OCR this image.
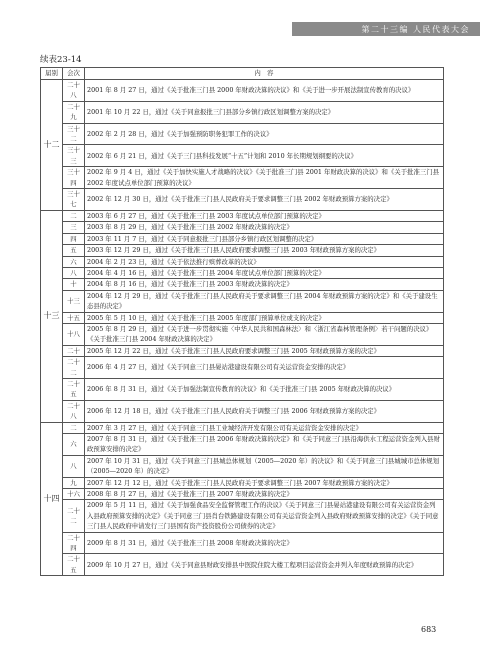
第二十三编 人民代表大会
续表23-14
届别	会次	内　容
十二	二十八	2001 年 8 月 27 日，通过《关于批准三门县 2000 年财政决算的决议》和《关于进一步开展法制宣传教育的决议》
	二十九	2001 年 10 月 22 日，通过《关于同意报批三门县部分乡镇行政区划调整方案的决定》
	三十二	2002 年 2 月 28 日，通过《关于加强预防职务犯罪工作的决议》
	三十三	2002 年 6 月 21 日，通过《关于三门县科技发展“十五”计划和 2010 年长期规划纲要的决议》
	三十四	2002 年 9 月 4 日，通过《关于加快实施人才战略的决议》《关于批准三门县 2001 年财政决算的决议》和《关于批准三门县 2002 年度试点单位部门预算的决议》
	三十七	2002 年 12 月 30 日，通过《关于批准三门县人民政府关于要求调整三门县 2002 年财政预算方案的决定》
十三	二	2003 年 6 月 27 日，通过《关于批准三门县 2003 年度试点单位部门预算的决定》
	三	2003 年 8 月 29 日，通过《关于批准三门县 2002 年财政决算的决定》
	四	2003 年 11 月 7 日，通过《关于同意报批三门县部分乡镇行政区划调整的决定》
	五	2003 年 12 月 29 日，通过《关于批准三门县人民政府要求调整三门县 2003 年财政预算方案的决定》
	六	2004 年 2 月 23 日，通过《关于依法推行殡葬改革的决议》
	八	2004 年 4 月 16 日，通过《关于批准三门县 2004 年度试点单位部门预算的决定》
	十	2004 年 8 月 16 日，通过《关于批准三门县 2003 年财政决算的决定》
	十三	2004 年 12 月 29 日，通过《关于批准三门县人民政府关于要求调整三门县 2004 年财政预算方案的决定》和《关于建设生态县的决定》
	十五	2005 年 5 月 10 日，通过《关于批准三门县 2005 年度部门预算单位或支的决定》
	十八	2005 年 8 月 29 日，通过《关于进一步贯彻实施〈中华人民共和国森林法〉和〈浙江省森林管理条例〉若干问题的决议》《关于批准三门县 2004 年财政决算的决定》
	二十	2005 年 12 月 22 日，通过《关于批准三门县人民政府要求调整三门县 2005 年财政预算方案的决定》
	二十二	2006 年 4 月 27 日，通过《关于同意三门县晏站港建设有限公司有关运营资金安排的决定》
	二十五	2006 年 8 月 31 日，通过《关于加强法制宣传教育的决议》和《关于批准三门县 2005 年财政决算的决议》
	二十八	2006 年 12 月 18 日，通过《关于批准三门县人民政府关于调整三门县 2006 年财政预算方案的决定》
十四	二	2007 年 3 月 27 日，通过《关于同意三门县工业城经济开发有限公司有关运营资金安排的决定》
	六	2007 年 8 月 31 日，通过《关于批准三门县 2006 年财政决算的决定》和《关于同意三门县沿海供水工程运营资金列入县财政预算安排的决定》
	八	2007 年 10 月 31 日，通过《关于同意三门县城总体规划（2005—2020 年）的决议》和《关于同意三门县城城市总体规划（2005—2020 年）的决定》
	九	2007 年 12 月 12 日，通过《关于批准三门县人民政府关于要求调整三门县 2007 年财政预算方案的决定》
	十六	2008 年 8 月 27 日，通过《关于批准三门县 2007 年财政决算的决定》
	二十二	2009 年 5 月 11 日，通过《关于加强食品安全监督管理工作的决议》《关于同意三门县晏站港建设有限公司有关运营资金列入县政府预算安排的决定》《关于同意三门县肖台铁路建设有限公司有关运营资金列入县政府财政预算安排的决定》《关于同意三门县人民政府申请发行三门县国有资产投资股份公司债券的决定》
	二十四	2009 年 8 月 31 日，通过《关于批准三门县 2008 年财政决算的决定》
	二十五	2009 年 10 月 27 日，通过《关于同意县财政安排县中医院住院大楼工程项目运营资金并列入年度财政预算的决定》
683
